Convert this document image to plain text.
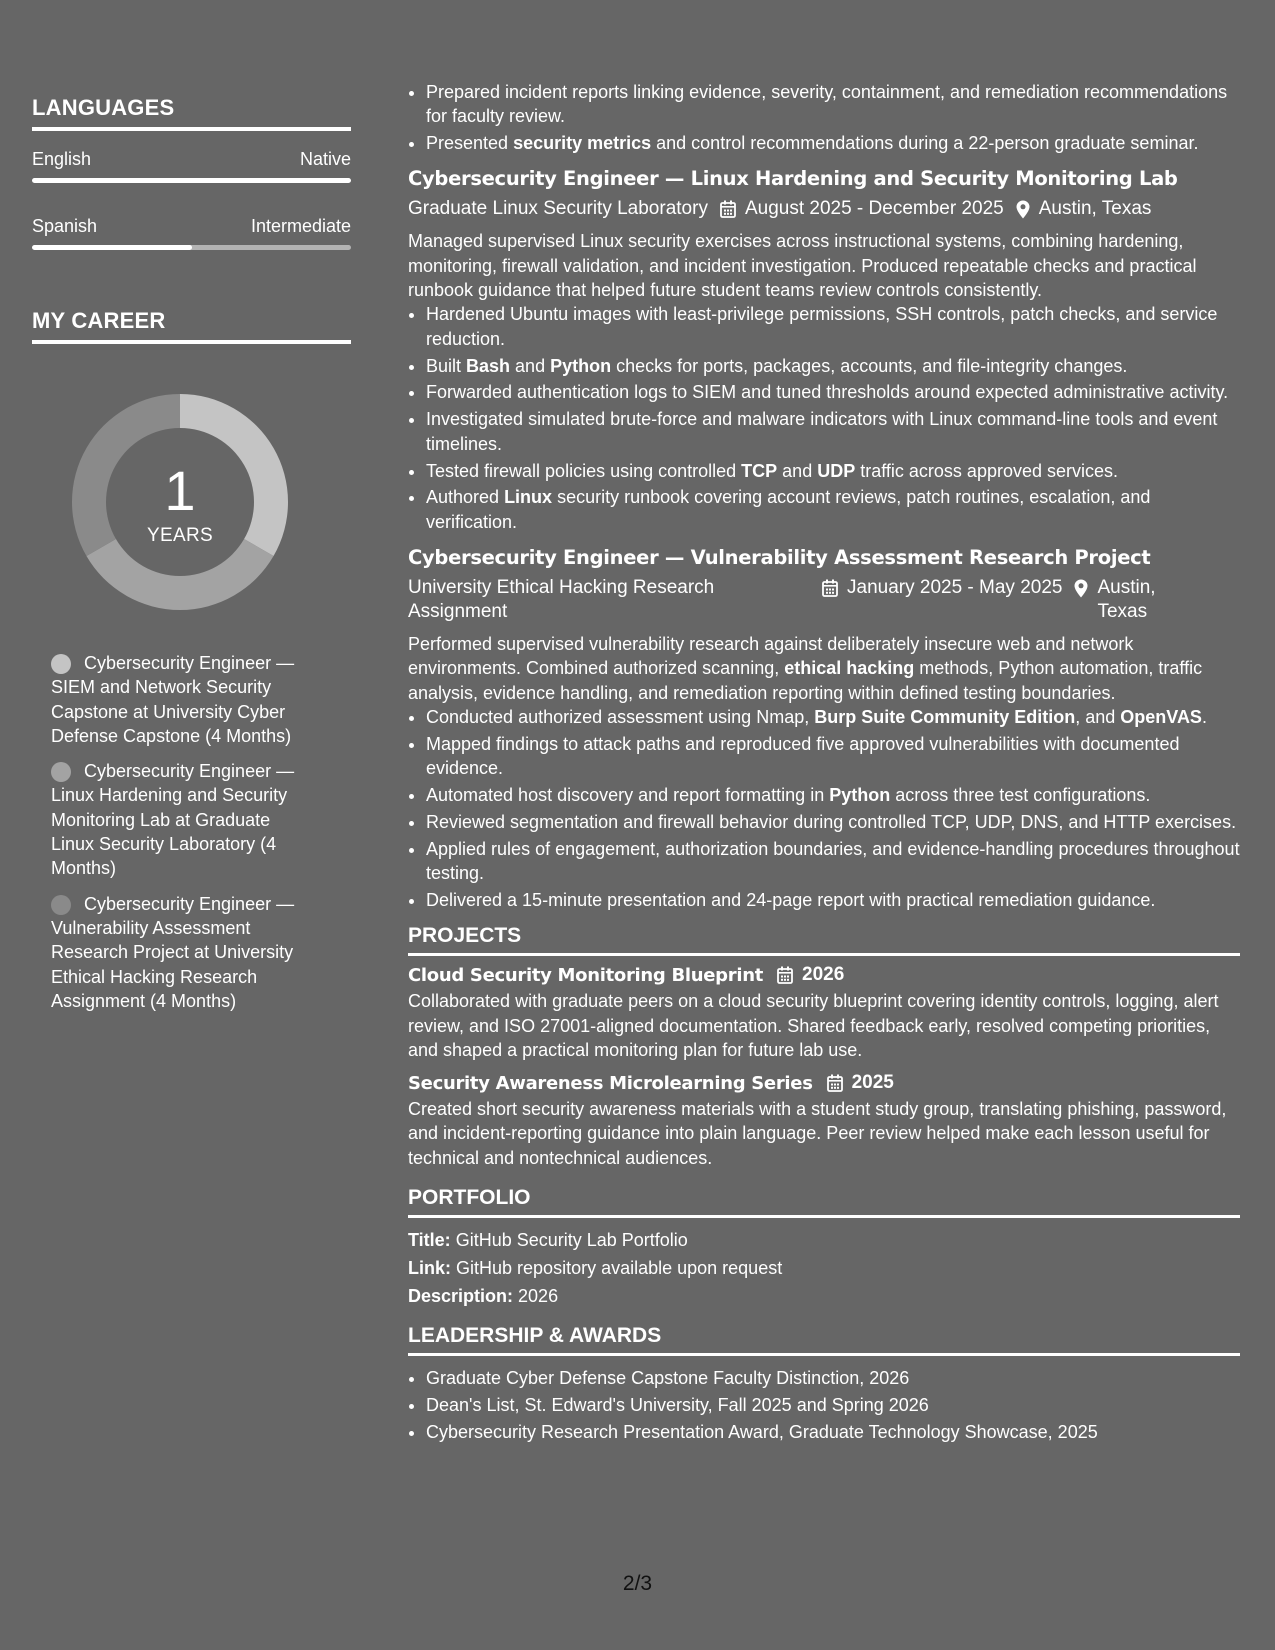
LANGUAGES
English	Native
Spanish	Intermediate
MY CAREER
1
YEARS
Cybersecurity Engineer — SIEM and Network Security Capstone at University Cyber Defense Capstone (4 Months)
Cybersecurity Engineer — Linux Hardening and Security Monitoring Lab at Graduate Linux Security Laboratory (4 Months)
Cybersecurity Engineer — Vulnerability Assessment Research Project at University Ethical Hacking Research Assignment (4 Months)
• Prepared incident reports linking evidence, severity, containment, and remediation recommendations for faculty review.
• Presented security metrics and control recommendations during a 22-person graduate seminar.
Cybersecurity Engineer — Linux Hardening and Security Monitoring Lab
Graduate Linux Security Laboratory August 2025 - December 2025 Austin, Texas

Managed supervised Linux security exercises across instructional systems, combining hardening, monitoring, firewall validation, and incident investigation. Produced repeatable checks and practical runbook guidance that helped future student teams review controls consistently.

• Hardened Ubuntu images with least-privilege permissions, SSH controls, patch checks, and service reduction.
• Built Bash and Python checks for ports, packages, accounts, and file-integrity changes.
• Forwarded authentication logs to SIEM and tuned thresholds around expected administrative activity.
• Investigated simulated brute-force and malware indicators with Linux command-line tools and event timelines.
• Tested firewall policies using controlled TCP and UDP traffic across approved services.
• Authored Linux security runbook covering account reviews, patch routines, escalation, and verification.
Cybersecurity Engineer — Vulnerability Assessment Research Project
University Ethical Hacking Research Assignment
January 2025 - May 2025 Austin, Texas

Performed supervised vulnerability research against deliberately insecure web and network environments. Combined authorized scanning, ethical hacking methods, Python automation, traffic analysis, evidence handling, and remediation reporting within defined testing boundaries.

• Conducted authorized assessment using Nmap, Burp Suite Community Edition, and OpenVAS.
• Mapped findings to attack paths and reproduced five approved vulnerabilities with documented evidence.
• Automated host discovery and report formatting in Python across three test configurations.
• Reviewed segmentation and firewall behavior during controlled TCP, UDP, DNS, and HTTP exercises.
• Applied rules of engagement, authorization boundaries, and evidence-handling procedures throughout testing.
• Delivered a 15-minute presentation and 24-page report with practical remediation guidance.
PROJECTS
Cloud Security Monitoring Blueprint 2026

Collaborated with graduate peers on a cloud security blueprint covering identity controls, logging, alert review, and ISO 27001-aligned documentation. Shared feedback early, resolved competing priorities, and shaped a practical monitoring plan for future lab use.

Security Awareness Microlearning Series 2025

Created short security awareness materials with a student study group, translating phishing, password, and incident-reporting guidance into plain language. Peer review helped make each lesson useful for technical and nontechnical audiences.

PORTFOLIO
Title: GitHub Security Lab Portfolio
Link: GitHub repository available upon request
Description: 2026
LEADERSHIP & AWARDS
• Graduate Cyber Defense Capstone Faculty Distinction, 2026
• Dean's List, St. Edward's University, Fall 2025 and Spring 2026
• Cybersecurity Research Presentation Award, Graduate Technology Showcase, 2025
2/3
